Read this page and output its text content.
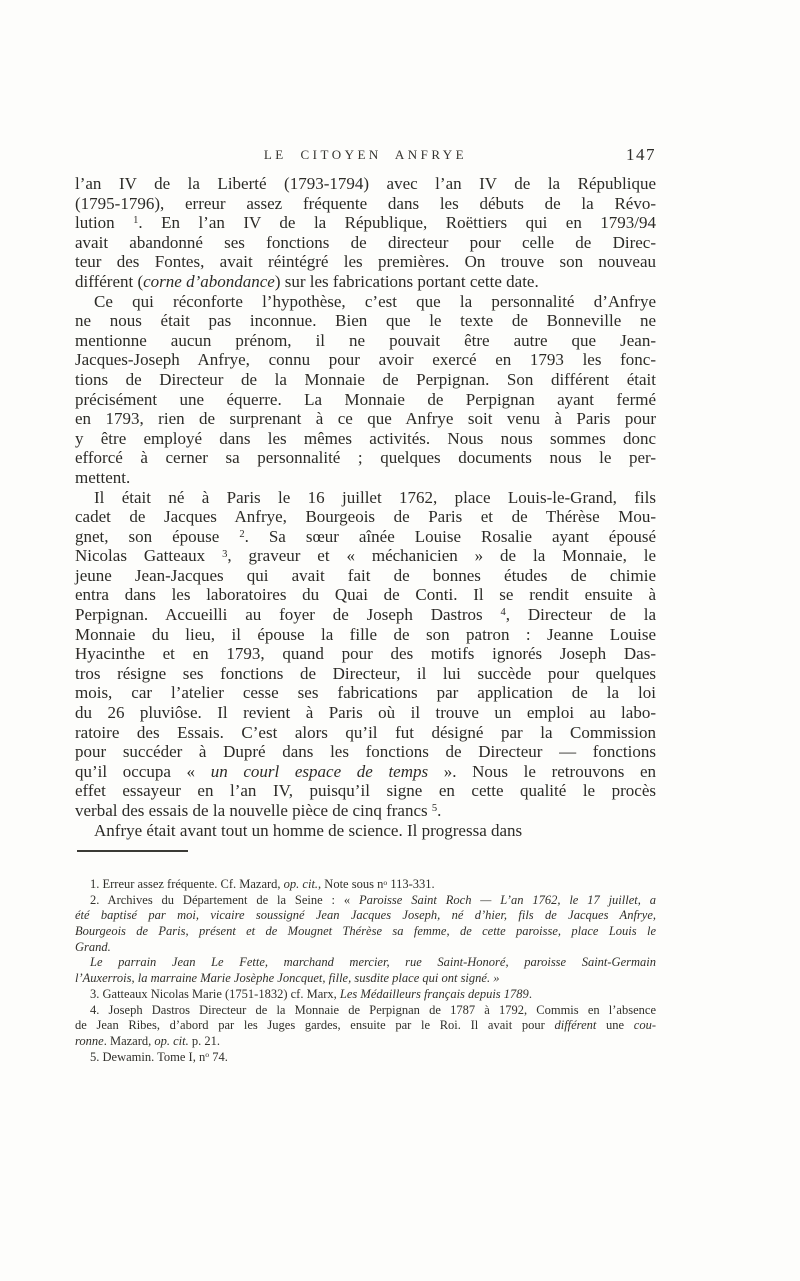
LE CITOYEN ANFRYE	147
l’an IV de la Liberté (1793-1794) avec l’an IV de la République
(1795-1796), erreur assez fréquente dans les débuts de la Révo-
lution $^1$. En l’an IV de la République, Roëttiers qui en 1793/94
avait abandonné ses fonctions de directeur pour celle de Direc-
teur des Fontes, avait réintégré les premières. On trouve son nouveau
différent (corne d’abondance) sur les fabrications portant cette date.
Ce qui réconforte l’hypothèse, c’est que la personnalité d’Anfrye
ne nous était pas inconnue. Bien que le texte de Bonneville ne
mentionne aucun prénom, il ne pouvait être autre que Jean-
Jacques-Joseph Anfrye, connu pour avoir exercé en 1793 les fonc-
tions de Directeur de la Monnaie de Perpignan. Son différent était
précisément une équerre. La Monnaie de Perpignan ayant fermé
en 1793, rien de surprenant à ce que Anfrye soit venu à Paris pour
y être employé dans les mêmes activités. Nous nous sommes donc
efforcé à cerner sa personnalité ; quelques documents nous le per-
mettent.
Il était né à Paris le 16 juillet 1762, place Louis-le-Grand, fils
cadet de Jacques Anfrye, Bourgeois de Paris et de Thérèse Mou-
gnet, son épouse $^2$. Sa sœur aînée Louise Rosalie ayant épousé
Nicolas Gatteaux $^3$, graveur et « méchanicien » de la Monnaie, le
jeune Jean-Jacques qui avait fait de bonnes études de chimie
entra dans les laboratoires du Quai de Conti. Il se rendit ensuite à
Perpignan. Accueilli au foyer de Joseph Dastros $^4$, Directeur de la
Monnaie du lieu, il épouse la fille de son patron : Jeanne Louise
Hyacinthe et en 1793, quand pour des motifs ignorés Joseph Das-
tros résigne ses fonctions de Directeur, il lui succède pour quelques
mois, car l’atelier cesse ses fabrications par application de la loi
du 26 pluviôse. Il revient à Paris où il trouve un emploi au labo-
ratoire des Essais. C’est alors qu’il fut désigné par la Commission
pour succéder à Dupré dans les fonctions de Directeur — fonctions
qu’il occupa « un courl espace de temps ». Nous le retrouvons en
effet essayeur en l’an IV, puisqu’il signe en cette qualité le procès
verbal des essais de la nouvelle pièce de cinq francs $^5$.
Anfrye était avant tout un homme de science. Il progressa dans
1. Erreur assez fréquente. Cf. Mazard, op. cit., Note sous $n^o$ 113-331.
2. Archives du Département de la Seine : « Paroisse Saint Roch — L’an 1762, le 17 juillet, a
été baptisé par moi, vicaire soussigné Jean Jacques Joseph, né d’hier, fils de Jacques Anfrye,
Bourgeois de Paris, présent et de Mougnet Thérèse sa femme, de cette paroisse, place Louis le
Grand.
Le parrain Jean Le Fette, marchand mercier, rue Saint-Honoré, paroisse Saint-Germain
l’Auxerrois, la marraine Marie Josèphe Joncquet, fille, susdite place qui ont signé. »
3. Gatteaux Nicolas Marie (1751-1832) cf. Marx, Les Médailleurs français depuis 1789.
4. Joseph Dastros Directeur de la Monnaie de Perpignan de 1787 à 1792, Commis en l’absence
de Jean Ribes, d’abord par les Juges gardes, ensuite par le Roi. Il avait pour différent une cou-
ronne. Mazard, op. cit. p. 21.
5. Dewamin. Tome I, $n^o$ 74.
